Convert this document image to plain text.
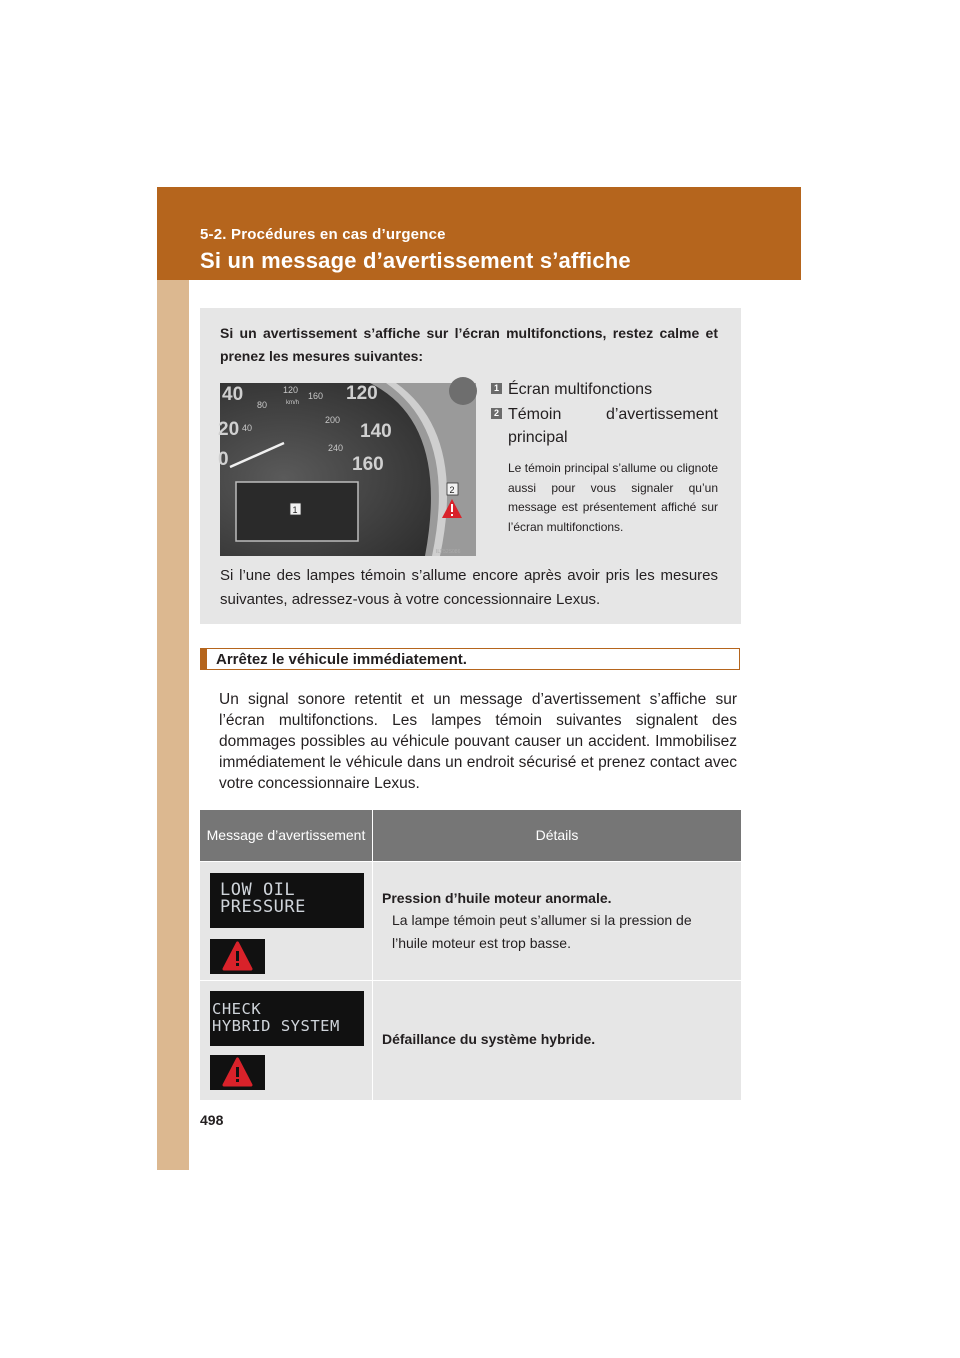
5-2. Procédures en cas d’urgence
Si un message d’avertissement s’affiche
Si un avertissement s’affiche sur l’écran multifonctions, restez calme et prenez les mesures suivantes:
40
20
0
120
140
160
120
80
160
40
200
240
km/h
1
2
ILY52S086
1 Écran multifonctions
2 Témoin d’avertissement principal
Le témoin principal s’allume ou clignote aussi pour vous signaler qu’un message est présentement affiché sur l’écran multifonctions.
Si l’une des lampes témoin s’allume encore après avoir pris les mesures suivantes, adressez-vous à votre concessionnaire Lexus.
Arrêtez le véhicule immédiatement.
Un signal sonore retentit et un message d’avertissement s’affiche sur l’écran multifonctions. Les lampes témoin suivantes signalent des dommages possibles au véhicule pouvant causer un accident. Immobilisez immédiatement le véhicule dans un endroit sécurisé et prenez contact avec votre concessionnaire Lexus.
Message d’avertissement	Détails
LOW OIL
PRESSURE	Pression d’huile moteur anormale.
La lampe témoin peut s’allumer si la pression de l’huile moteur est trop basse.
CHECK
HYBRID SYSTEM
Défaillance du système hybride.
498
